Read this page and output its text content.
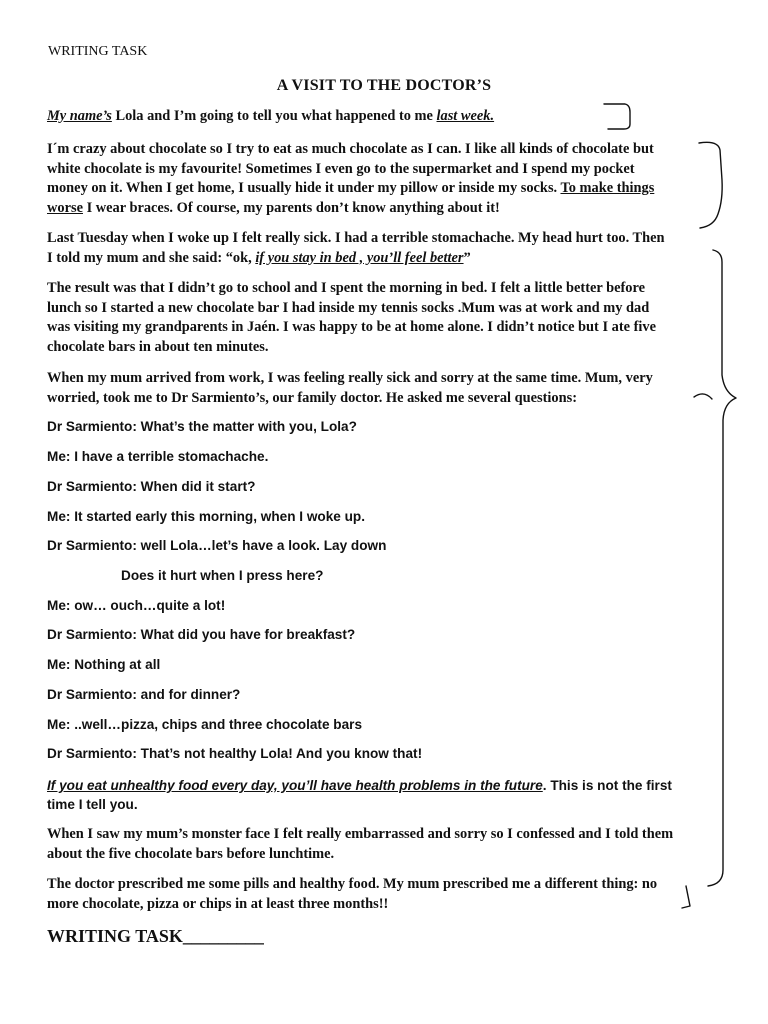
WRITING TASK
A VISIT TO THE DOCTOR’S
My name’s Lola and I’m going to tell you what happened to me last week.
I´m crazy about chocolate so I try to eat as much chocolate as I can. I like all kinds of chocolate but
white chocolate is my favourite! Sometimes I even go to the supermarket and I spend my pocket
money on it. When I get home, I usually hide it under my pillow or inside my socks. To make things
worse I wear braces. Of course, my parents don’t know anything about it!
Last Tuesday when I woke up I felt really sick. I had a terrible stomachache. My head hurt too. Then
I told my mum and she said: “ok, if you stay in bed , you’ll feel better”
The result was that I didn’t go to school and I spent the morning in bed. I felt a little better before
lunch so I started a new chocolate bar I had inside my tennis socks .Mum was at work and my dad
was visiting my grandparents in Jaén. I was happy to be at home alone. I didn’t notice but I ate five
chocolate bars in about ten minutes.
When my mum arrived from work, I was feeling really sick and sorry at the same time. Mum, very
worried, took me to Dr Sarmiento’s, our family doctor. He asked me several questions:
Dr Sarmiento: What’s the matter with you, Lola?
Me: I have a terrible stomachache.
Dr Sarmiento: When did it start?
Me: It started early this morning, when I woke up.
Dr Sarmiento: well Lola…let’s have a look. Lay down
Does it hurt when I press here?
Me: ow… ouch…quite a lot!
Dr Sarmiento: What did you have for breakfast?
Me: Nothing at all
Dr Sarmiento: and for dinner?
Me: ..well…pizza, chips and three chocolate bars
Dr Sarmiento: That’s not healthy Lola! And you know that!
If you eat unhealthy food every day, you’ll have health problems in the future. This is not the first
time I tell you.
When I saw my mum’s monster face I felt really embarrassed and sorry so I confessed and I told them
about the five chocolate bars before lunchtime.
The doctor prescribed me some pills and healthy food. My mum prescribed me a different thing: no
more chocolate, pizza or chips in at least three months!!
WRITING TASK_________
